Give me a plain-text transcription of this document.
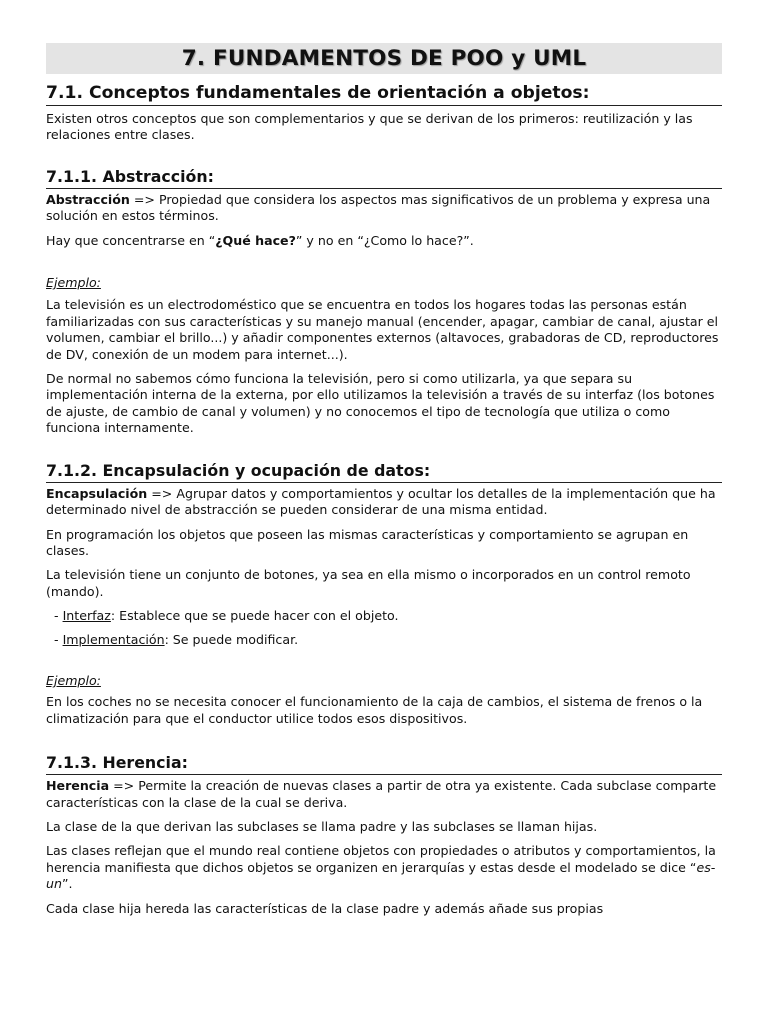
7. FUNDAMENTOS DE POO y UML
7.1. Conceptos fundamentales de orientación a objetos:

Existen otros conceptos que son complementarios y que se derivan de los primeros: reutilización y las relaciones entre clases.

7.1.1. Abstracción:

Abstracción => Propiedad que considera los aspectos mas significativos de un problema y expresa una solución en estos términos.

Hay que concentrarse en “¿Qué hace?” y no en “¿Como lo hace?”.

Ejemplo:

La televisión es un electrodoméstico que se encuentra en todos los hogares todas las personas están familiarizadas con sus características y su manejo manual (encender, apagar, cambiar de canal, ajustar el volumen, cambiar el brillo...) y añadir componentes externos (altavoces, grabadoras de CD, reproductores de DV, conexión de un modem para internet...).

De normal no sabemos cómo funciona la televisión, pero si como utilizarla, ya que separa su implementación interna de la externa, por ello utilizamos la televisión a través de su interfaz (los botones de ajuste, de cambio de canal y volumen) y no conocemos el tipo de tecnología que utiliza o como funciona internamente.

7.1.2. Encapsulación y ocupación de datos:

Encapsulación => Agrupar datos y comportamientos y ocultar los detalles de la implementación que ha determinado nivel de abstracción se pueden considerar de una misma entidad.

En programación los objetos que poseen las mismas características y comportamiento se agrupan en clases.

La televisión tiene un conjunto de botones, ya sea en ella mismo o incorporados en un control remoto (mando).

- Interfaz: Establece que se puede hacer con el objeto.

- Implementación: Se puede modificar.

Ejemplo:

En los coches no se necesita conocer el funcionamiento de la caja de cambios, el sistema de frenos o la climatización para que el conductor utilice todos esos dispositivos.

7.1.3. Herencia:

Herencia => Permite la creación de nuevas clases a partir de otra ya existente. Cada subclase comparte características con la clase de la cual se deriva.

La clase de la que derivan las subclases se llama padre y las subclases se llaman hijas.

Las clases reflejan que el mundo real contiene objetos con propiedades o atributos y comportamientos, la herencia manifiesta que dichos objetos se organizen en jerarquías y estas desde el modelado se dice “es-un”.

Cada clase hija hereda las características de la clase padre y además añade sus propias
